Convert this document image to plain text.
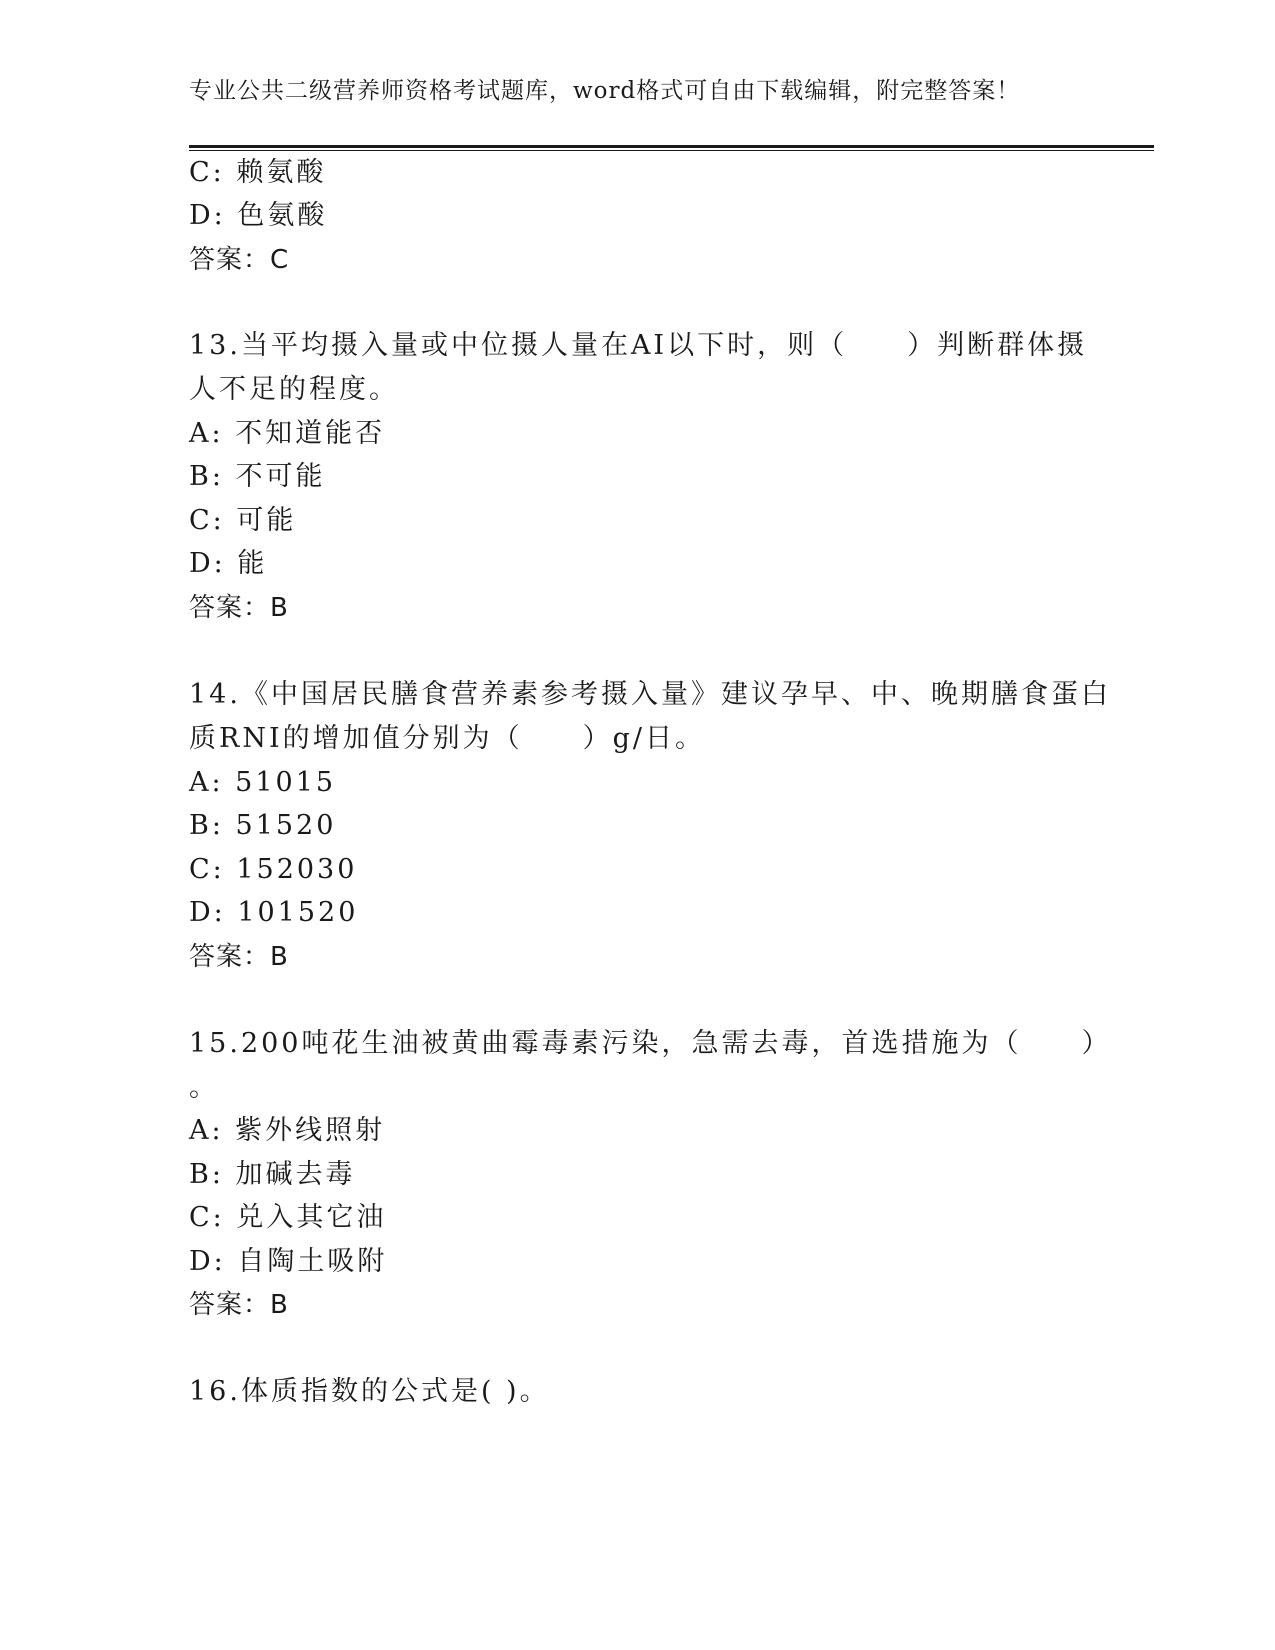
专业公共二级营养师资格考试题库，word格式可自由下载编辑，附完整答案！
C: 赖氨酸
D: 色氨酸
答案：C
13.当平均摄入量或中位摄人量在AI以下时，则（　　）判断群体摄
人不足的程度。
A: 不知道能否
B: 不可能
C: 可能
D: 能
答案：B
14.《中国居民膳食营养素参考摄入量》建议孕早、中、晚期膳食蛋白
质RNI的增加值分别为（　　）g/日。
A: 51015
B: 51520
C: 152030
D: 101520
答案：B
15.200吨花生油被黄曲霉毒素污染，急需去毒，首选措施为（　　）
。
A: 紫外线照射
B: 加碱去毒
C: 兑入其它油
D: 自陶土吸附
答案：B
16.体质指数的公式是( )。
